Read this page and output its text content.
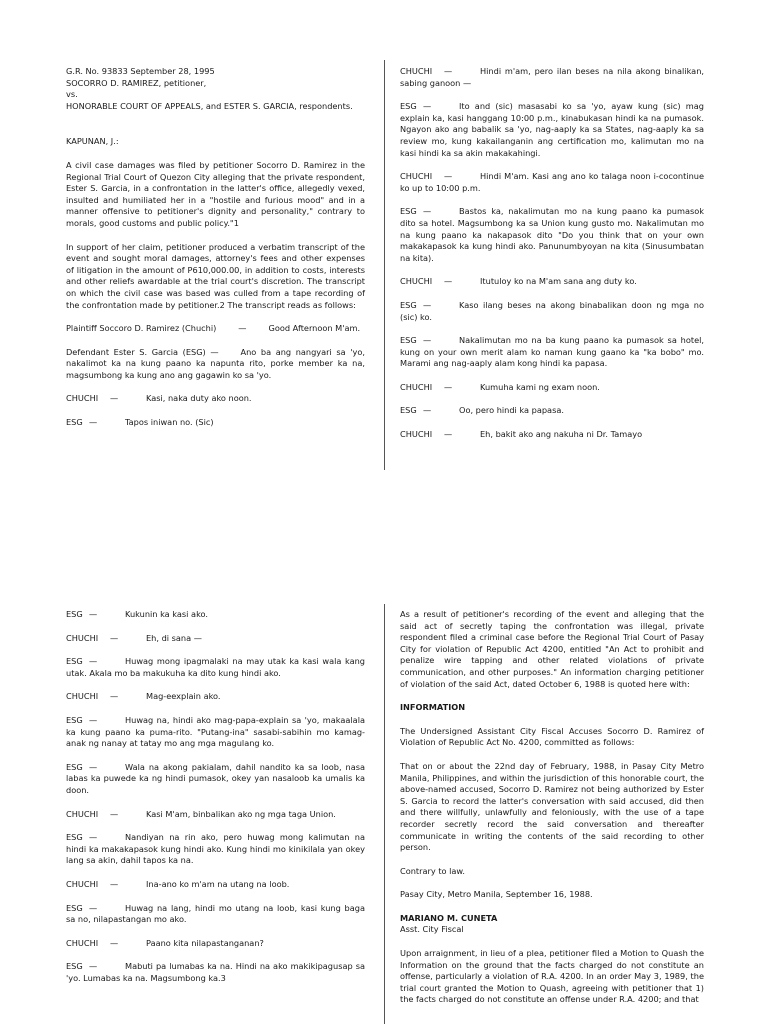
G.R. No. 93833 September 28, 1995

SOCORRO D. RAMIREZ, petitioner,

vs.

HONORABLE COURT OF APPEALS, and ESTER S. GARCIA, respondents.

KAPUNAN, J.:

A civil case damages was filed by petitioner Socorro D. Ramirez in the Regional Trial Court of Quezon City alleging that the private respondent, Ester S. Garcia, in a confrontation in the latter's office, allegedly vexed, insulted and humiliated her in a "hostile and furious mood" and in a manner offensive to petitioner's dignity and personality," contrary to morals, good customs and public policy."1

In support of her claim, petitioner produced a verbatim transcript of the event and sought moral damages, attorney's fees and other expenses of litigation in the amount of P610,000.00, in addition to costs, interests and other reliefs awardable at the trial court's discretion. The transcript on which the civil case was based was culled from a tape recording of the confrontation made by petitioner.2 The transcript reads as follows:

Plaintiff Soccoro D. Ramirez (Chuchi)	—	Good Afternoon M'am.

Defendant Ester S. Garcia (ESG) —	Ano ba ang nangyari sa 'yo, nakalimot ka na kung paano ka napunta rito, porke member ka na, magsumbong ka kung ano ang gagawin ko sa 'yo.

CHUCHI —	Kasi, naka duty ako noon.

ESG —	Tapos iniwan no. (Sic)

CHUCHI —	Hindi m'am, pero ilan beses na nila akong binalikan, sabing ganoon —

ESG —	Ito and (sic) masasabi ko sa 'yo, ayaw kung (sic) mag explain ka, kasi hanggang 10:00 p.m., kinabukasan hindi ka na pumasok. Ngayon ako ang babalik sa 'yo, nag-aaply ka sa States, nag-aaply ka sa review mo, kung kakailanganin ang certification mo, kalimutan mo na kasi hindi ka sa akin makakahingi.

CHUCHI —	Hindi M'am. Kasi ang ano ko talaga noon i-cocontinue ko up to 10:00 p.m.

ESG —	Bastos ka, nakalimutan mo na kung paano ka pumasok dito sa hotel. Magsumbong ka sa Union kung gusto mo. Nakalimutan mo na kung paano ka nakapasok dito "Do you think that on your own makakapasok ka kung hindi ako. Panunumbyoyan na kita (Sinusumbatan na kita).

CHUCHI —	Itutuloy ko na M'am sana ang duty ko.

ESG —	Kaso ilang beses na akong binabalikan doon ng mga no (sic) ko.

ESG —	Nakalimutan mo na ba kung paano ka pumasok sa hotel, kung on your own merit alam ko naman kung gaano ka "ka bobo" mo. Marami ang nag-aaply alam kong hindi ka papasa.

CHUCHI —	Kumuha kami ng exam noon.

ESG —	Oo, pero hindi ka papasa.

CHUCHI —	Eh, bakit ako ang nakuha ni Dr. Tamayo

ESG —	Kukunin ka kasi ako.

CHUCHI —	Eh, di sana —

ESG —	Huwag mong ipagmalaki na may utak ka kasi wala kang utak. Akala mo ba makukuha ka dito kung hindi ako.

CHUCHI —	Mag-eexplain ako.

ESG —	Huwag na, hindi ako mag-papa-explain sa 'yo, makaalala ka kung paano ka puma-rito. "Putang-ina" sasabi-sabihin mo kamag-anak ng nanay at tatay mo ang mga magulang ko.

ESG —	Wala na akong pakialam, dahil nandito ka sa loob, nasa labas ka puwede ka ng hindi pumasok, okey yan nasaloob ka umalis ka doon.

CHUCHI —	Kasi M'am, binbalikan ako ng mga taga Union.

ESG —	Nandiyan na rin ako, pero huwag mong kalimutan na hindi ka makakapasok kung hindi ako. Kung hindi mo kinikilala yan okey lang sa akin, dahil tapos ka na.

CHUCHI —	Ina-ano ko m'am na utang na loob.

ESG —	Huwag na lang, hindi mo utang na loob, kasi kung baga sa no, nilapastangan mo ako.

CHUCHI —	Paano kita nilapastanganan?

ESG —	Mabuti pa lumabas ka na. Hindi na ako makikipagusap sa 'yo. Lumabas ka na. Magsumbong ka.3

As a result of petitioner's recording of the event and alleging that the said act of secretly taping the confrontation was illegal, private respondent filed a criminal case before the Regional Trial Court of Pasay City for violation of Republic Act 4200, entitled "An Act to prohibit and penalize wire tapping and other related violations of private communication, and other purposes." An information charging petitioner of violation of the said Act, dated October 6, 1988 is quoted here with:

INFORMATION

The Undersigned Assistant City Fiscal Accuses Socorro D. Ramirez of Violation of Republic Act No. 4200, committed as follows:

That on or about the 22nd day of February, 1988, in Pasay City Metro Manila, Philippines, and within the jurisdiction of this honorable court, the above-named accused, Socorro D. Ramirez not being authorized by Ester S. Garcia to record the latter's conversation with said accused, did then and there willfully, unlawfully and feloniously, with the use of a tape recorder secretly record the said conversation and thereafter communicate in writing the contents of the said recording to other person.

Contrary to law.

Pasay City, Metro Manila, September 16, 1988.

MARIANO M. CUNETA
Asst. City Fiscal

Upon arraignment, in lieu of a plea, petitioner filed a Motion to Quash the Information on the ground that the facts charged do not constitute an offense, particularly a violation of R.A. 4200. In an order May 3, 1989, the trial court granted the Motion to Quash, agreeing with petitioner that 1) the facts charged do not constitute an offense under R.A. 4200; and that
